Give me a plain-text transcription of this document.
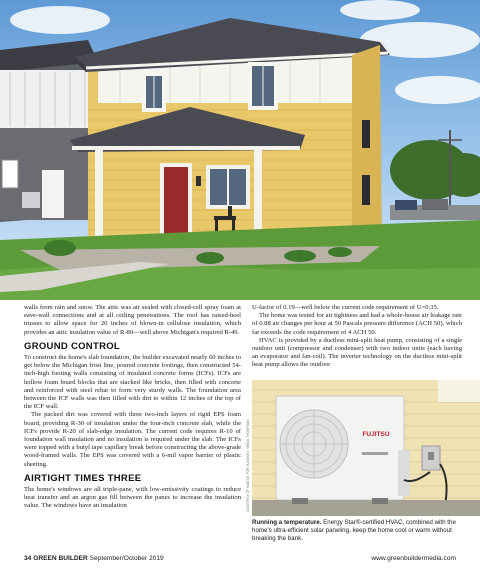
walls from rain and snow. The attic was air sealed with closed-cell spray foam at eave-wall connections and at all ceiling penetrations. The roof has raised-heel trusses to allow space for 20 inches of blown-in cellulose insulation, which provides an attic insulation value of R-80—well above Michigan's required R-49.

GROUND CONTROL

To construct the home's slab foundation, the builder excavated nearly 60 inches to get below the Michigan frost line, poured concrete footings, then constructed 54-inch-high footing walls consisting of insulated concrete forms (ICFs). ICFs are hollow foam board blocks that are stacked like bricks, then filled with concrete and reinforced with steel rebar to form very sturdy walls. The foundation area between the ICF walls was then filled with dirt to within 12 inches of the top of the ICF wall.

The packed dirt was covered with three two-inch layers of rigid EPS foam board, providing R-30 of insulation under the four-inch concrete slab, while the ICFs provide R-20 of slab-edge insulation. The current code requires R-10 of foundation wall insulation and no insulation is required under the slab. The ICFs were topped with a butyl tape capillary break before constructing the above-grade wood-framed walls. The EPS was covered with a 6-mil vapor barrier of plastic sheeting.

AIRTIGHT TIMES THREE

The home's windows are all triple-pane, with low-emissivity coatings to reduce heat transfer and an argon gas fill between the panes to increase the insulation value. The windows have an insulation

U-factor of 0.19—well below the current code requirement of U=0.35.

The home was tested for air tightness and had a whole-house air leakage rate of 0.88 air changes per hour at 50 Pascals pressure difference (ACH 50), which far exceeds the code requirement of 4 ACH 50.

HVAC is provided by a ductless mini-split heat pump, consisting of a single outdoor unit (compressor and condenser) with two indoor units (each having an evaporator and fan-coil). The inverter technology on the ductless mini-split heat pump allows the outdoor

COURTESY OF HABITAT FOR HUMANITY / BRAD THOMPSON	FUJITSU
Running a temperature. Energy Star®-certified HVAC, combined with the home's ultra-efficient solar paneling, keep the home cool or warm without breaking the bank.
34 GREEN BUILDER September/October 2019	www.greenbuildermedia.com
